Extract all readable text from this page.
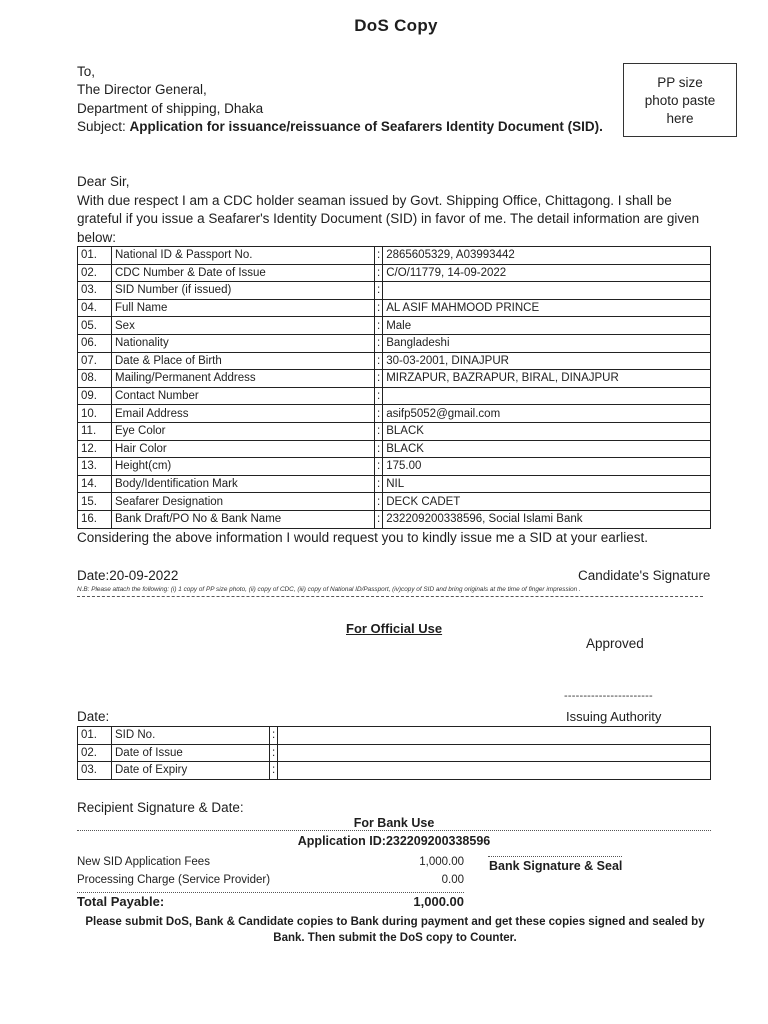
DoS Copy
PP size
photo paste
here
To,
The Director General,
Department of shipping, Dhaka
Subject: Application for issuance/reissuance of Seafarers Identity Document (SID).
Dear Sir,
With due respect I am a CDC holder seaman issued by Govt. Shipping Office, Chittagong. I shall be grateful if you issue a Seafarer's Identity Document (SID) in favor of me. The detail information are given below:
01.	National ID & Passport No.	:	2865605329, A03993442
02.	CDC Number & Date of Issue	:	C/O/11779, 14-09-2022
03.	SID Number (if issued)	:	
04.	Full Name	:	AL ASIF MAHMOOD PRINCE
05.	Sex	:	Male
06.	Nationality	:	Bangladeshi
07.	Date & Place of Birth	:	30-03-2001, DINAJPUR
08.	Mailing/Permanent Address	:	MIRZAPUR, BAZRAPUR, BIRAL, DINAJPUR
09.	Contact Number	:	
10.	Email Address	:	asifp5052@gmail.com
11.	Eye Color	:	BLACK
12.	Hair Color	:	BLACK
13.	Height(cm)	:	175.00
14.	Body/Identification Mark	:	NIL
15.	Seafarer Designation	:	DECK CADET
16.	Bank Draft/PO No & Bank Name	:	232209200338596, Social Islami Bank
Considering the above information I would request you to kindly issue me a SID at your earliest.
Date:20-09-2022	Candidate's Signature
N.B: Please attach the following: (i) 1 copy of PP size photo, (ii) copy of CDC, (iii) copy of National ID/Passport, (iv)copy of SID and bring originals at the time of finger impression .
For Official Use
Approved
-----------------------
Date:	Issuing Authority
01.	SID No.	:	
02.	Date of Issue	:	
03.	Date of Expiry	:	
Recipient Signature & Date:
For Bank Use
Application ID:232209200338596
New SID Application Fees	1,000.00
Processing Charge (Service Provider)	0.00
Total Payable:	1,000.00
Bank Signature & Seal
Please submit DoS, Bank & Candidate copies to Bank during payment and get these copies signed and sealed by Bank. Then submit the DoS copy to Counter.
